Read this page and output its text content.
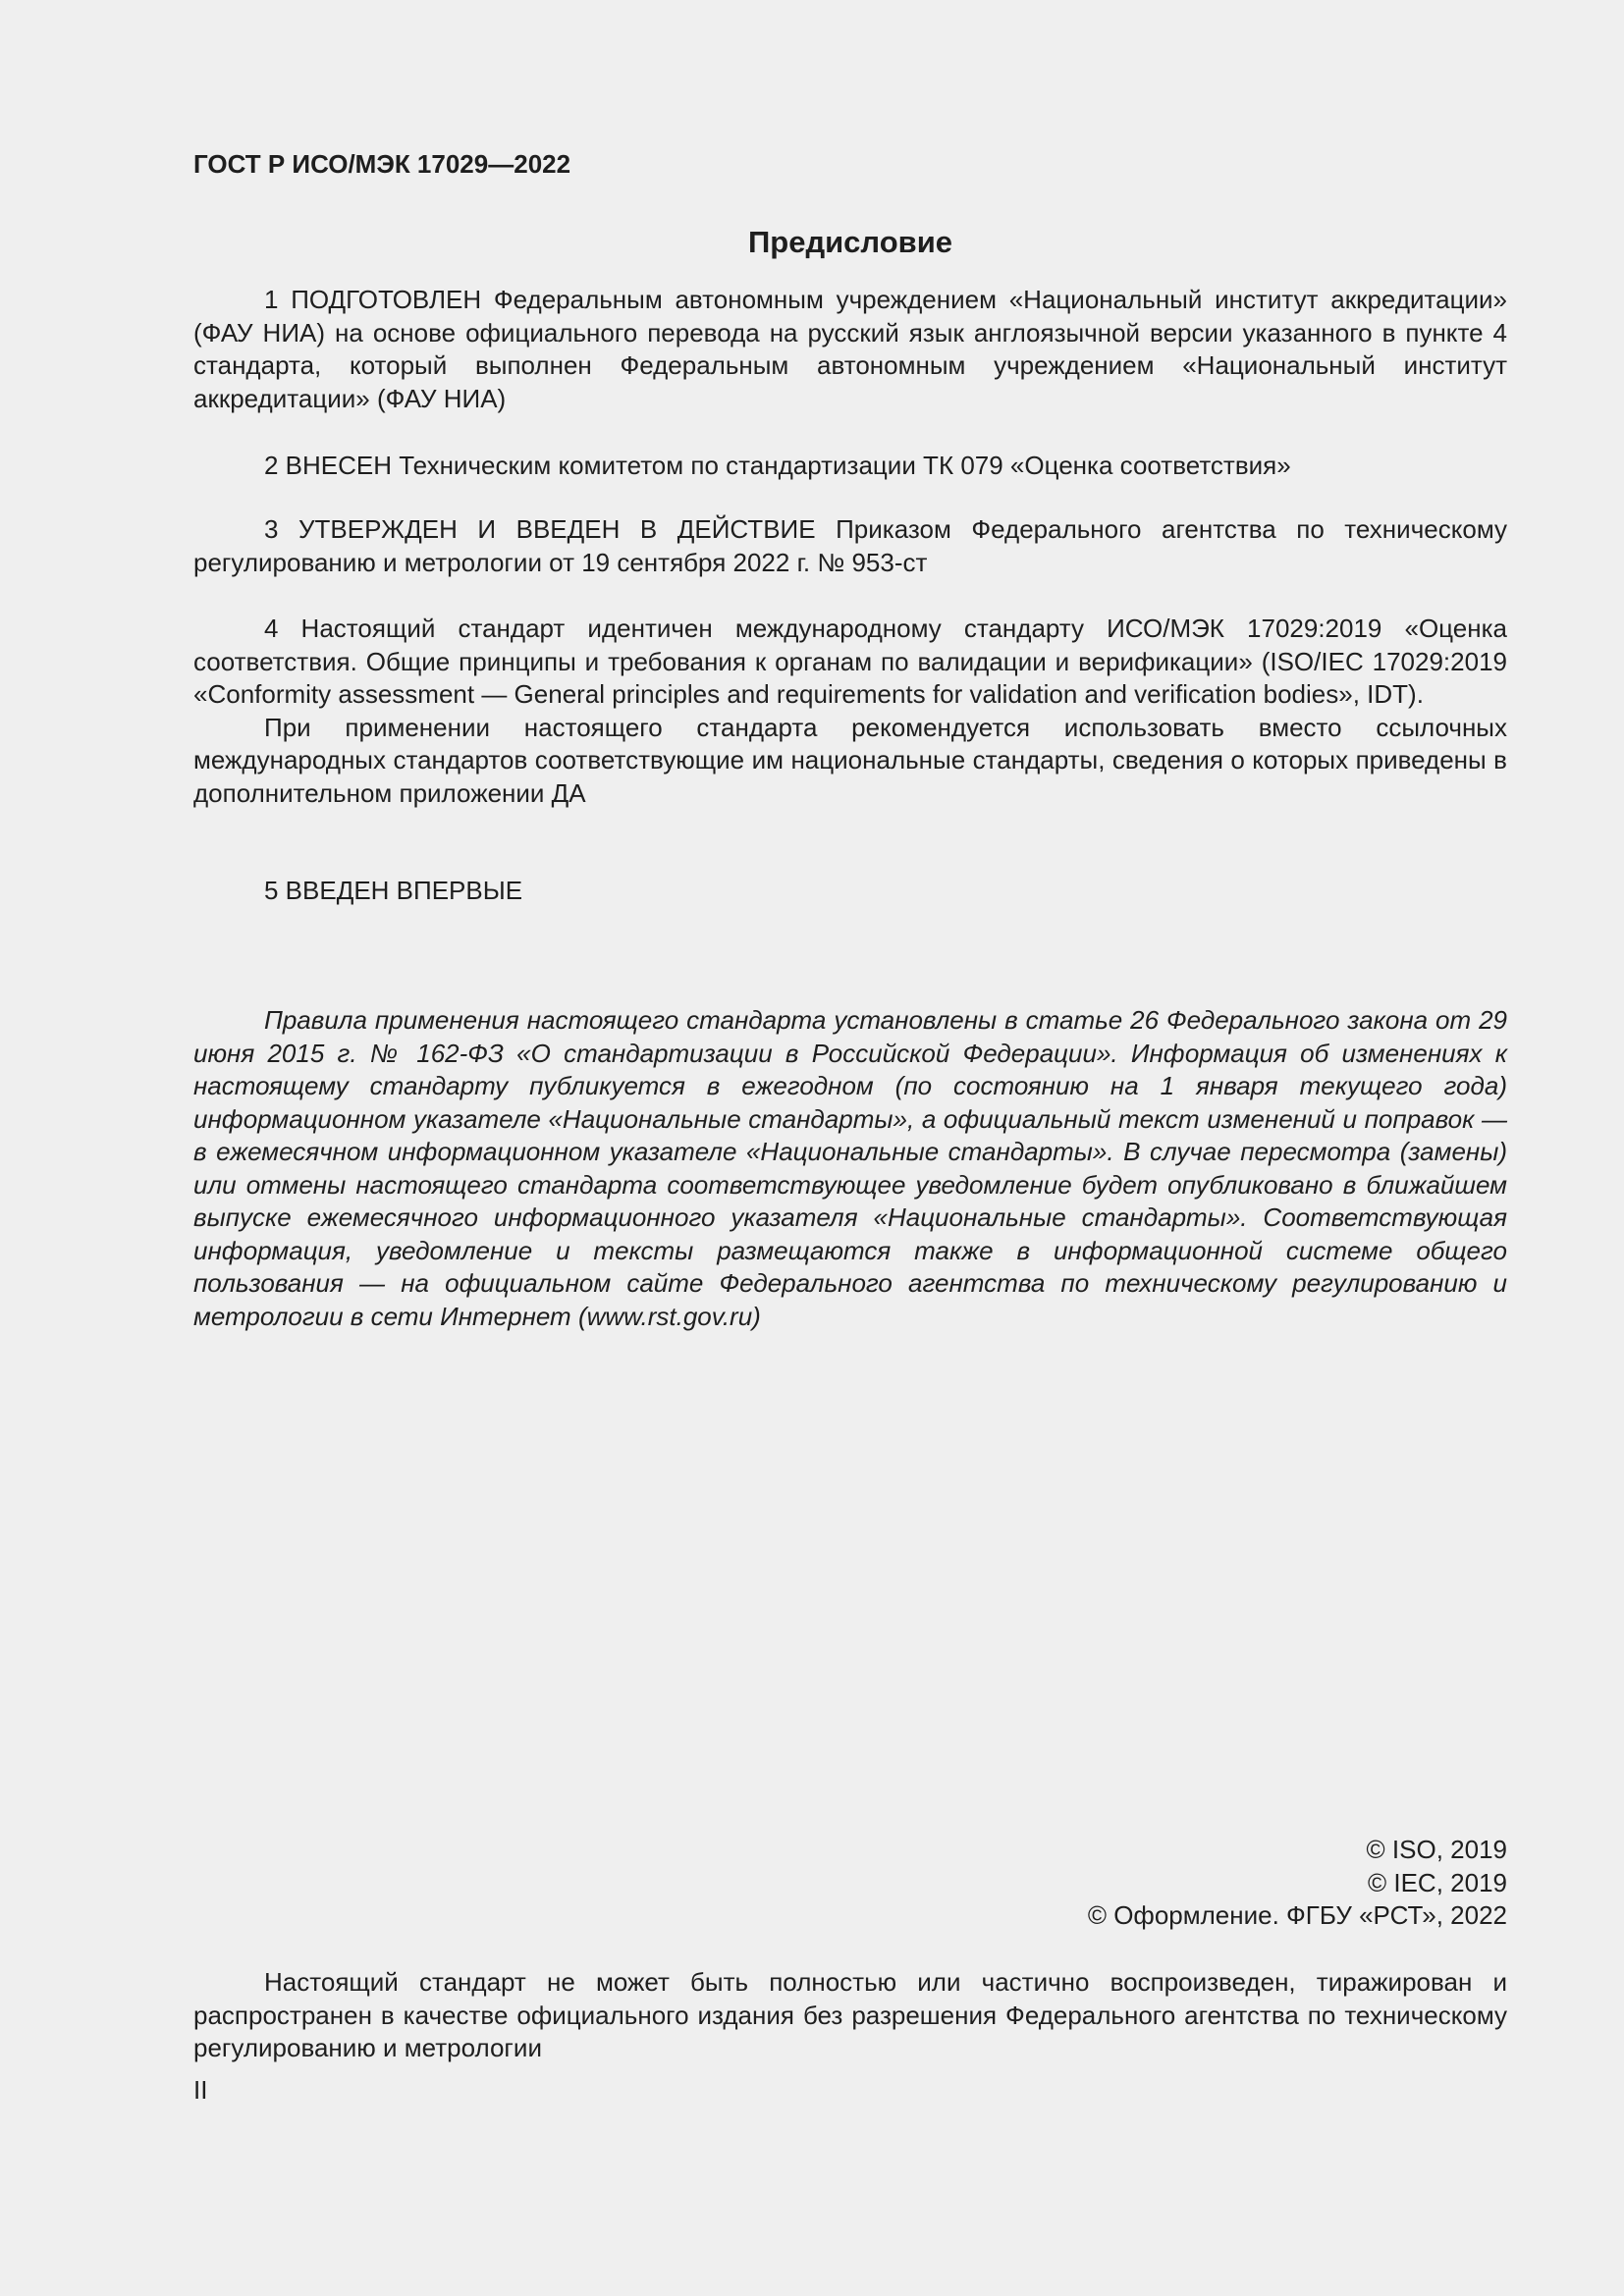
ГОСТ Р ИСО/МЭК 17029—2022
Предисловие

1 ПОДГОТОВЛЕН Федеральным автономным учреждением «Национальный институт аккредитации» (ФАУ НИА) на основе официального перевода на русский язык англоязычной версии указанного в пункте 4 стандарта, который выполнен Федеральным автономным учреждением «Национальный институт аккредитации» (ФАУ НИА)

2 ВНЕСЕН Техническим комитетом по стандартизации ТК 079 «Оценка соответствия»

3 УТВЕРЖДЕН И ВВЕДЕН В ДЕЙСТВИЕ Приказом Федерального агентства по техническому регулированию и метрологии от 19 сентября 2022 г. № 953-ст

4 Настоящий стандарт идентичен международному стандарту ИСО/МЭК 17029:2019 «Оценка соответствия. Общие принципы и требования к органам по валидации и верификации» (ISO/IEC 17029:2019 «Conformity assessment — General principles and requirements for validation and verification bodies», IDT).

При применении настоящего стандарта рекомендуется использовать вместо ссылочных международных стандартов соответствующие им национальные стандарты, сведения о которых приведены в дополнительном приложении ДА

5 ВВЕДЕН ВПЕРВЫЕ

Правила применения настоящего стандарта установлены в статье 26 Федерального закона от 29 июня 2015 г. № 162-ФЗ «О стандартизации в Российской Федерации». Информация об изменениях к настоящему стандарту публикуется в ежегодном (по состоянию на 1 января текущего года) информационном указателе «Национальные стандарты», а официальный текст изменений и поправок — в ежемесячном информационном указателе «Национальные стандарты». В случае пересмотра (замены) или отмены настоящего стандарта соответствующее уведомление будет опубликовано в ближайшем выпуске ежемесячного информационного указателя «Национальные стандарты». Соответствующая информация, уведомление и тексты размещаются также в информационной системе общего пользования — на официальном сайте Федерального агентства по техническому регулированию и метрологии в сети Интернет (www.rst.gov.ru)

© ISO, 2019
© IEC, 2019
© Оформление. ФГБУ «РСТ», 2022

Настоящий стандарт не может быть полностью или частично воспроизведен, тиражирован и распространен в качестве официального издания без разрешения Федерального агентства по техническому регулированию и метрологии

II
